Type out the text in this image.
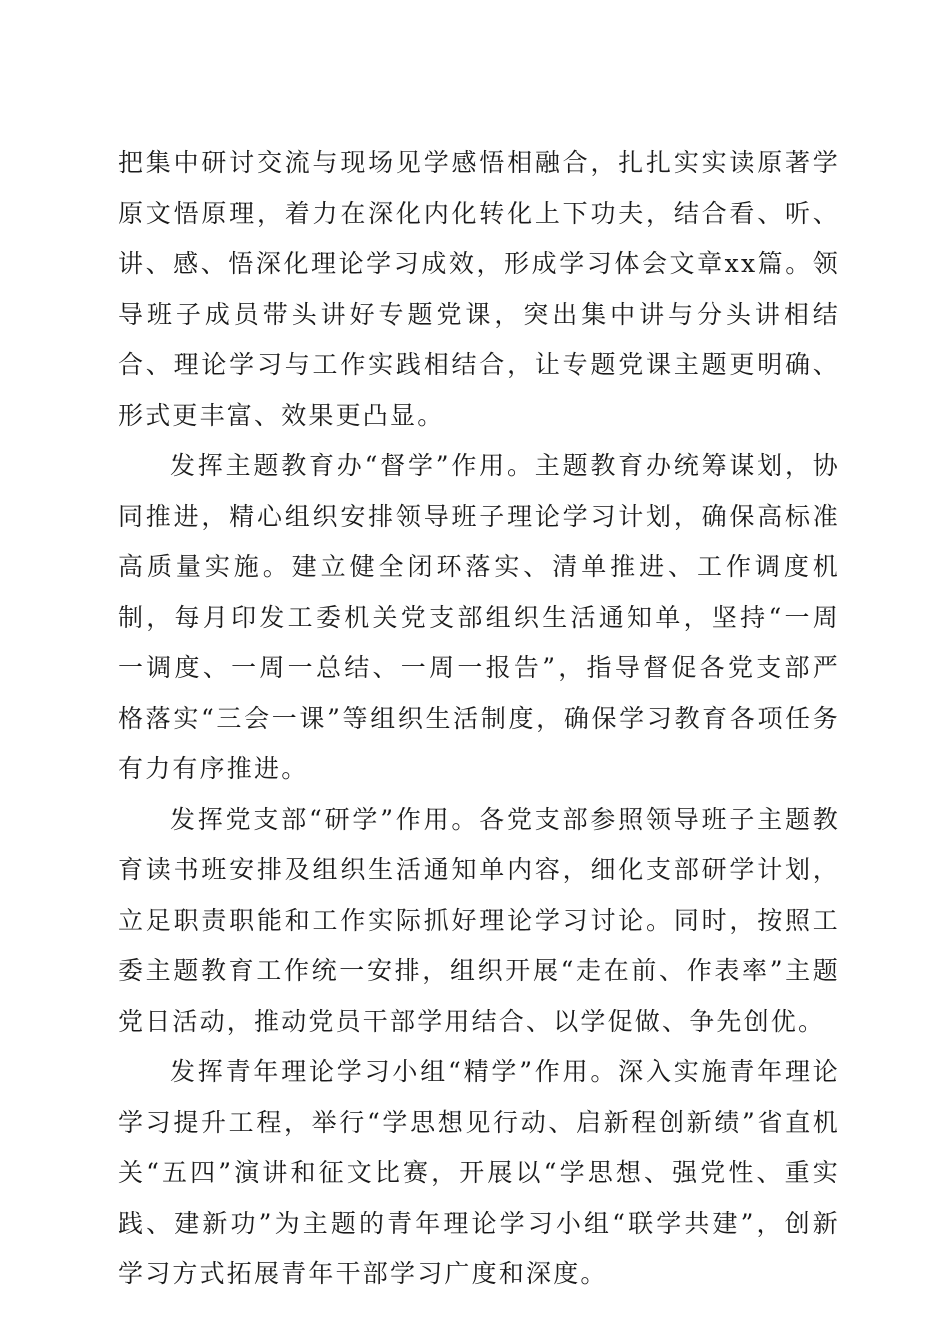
把集中研讨交流与现场见学感悟相融合，扎扎实实读原著学原文悟原理，着力在深化内化转化上下功夫，结合看、听、讲、感、悟深化理论学习成效，形成学习体会文章xx篇。领导班子成员带头讲好专题党课，突出集中讲与分头讲相结合、理论学习与工作实践相结合，让专题党课主题更明确、形式更丰富、效果更凸显。

发挥主题教育办“督学”作用。主题教育办统筹谋划，协同推进，精心组织安排领导班子理论学习计划，确保高标准高质量实施。建立健全闭环落实、清单推进、工作调度机制，每月印发工委机关党支部组织生活通知单，坚持“一周一调度、一周一总结、一周一报告”，指导督促各党支部严格落实“三会一课”等组织生活制度，确保学习教育各项任务有力有序推进。

发挥党支部“研学”作用。各党支部参照领导班子主题教育读书班安排及组织生活通知单内容，细化支部研学计划，立足职责职能和工作实际抓好理论学习讨论。同时，按照工委主题教育工作统一安排，组织开展“走在前、作表率”主题党日活动，推动党员干部学用结合、以学促做、争先创优。

发挥青年理论学习小组“精学”作用。深入实施青年理论学习提升工程，举行“学思想见行动、启新程创新绩”省直机关“五四”演讲和征文比赛，开展以“学思想、强党性、重实践、建新功”为主题的青年理论学习小组“联学共建”，创新学习方式拓展青年干部学习广度和深度。
